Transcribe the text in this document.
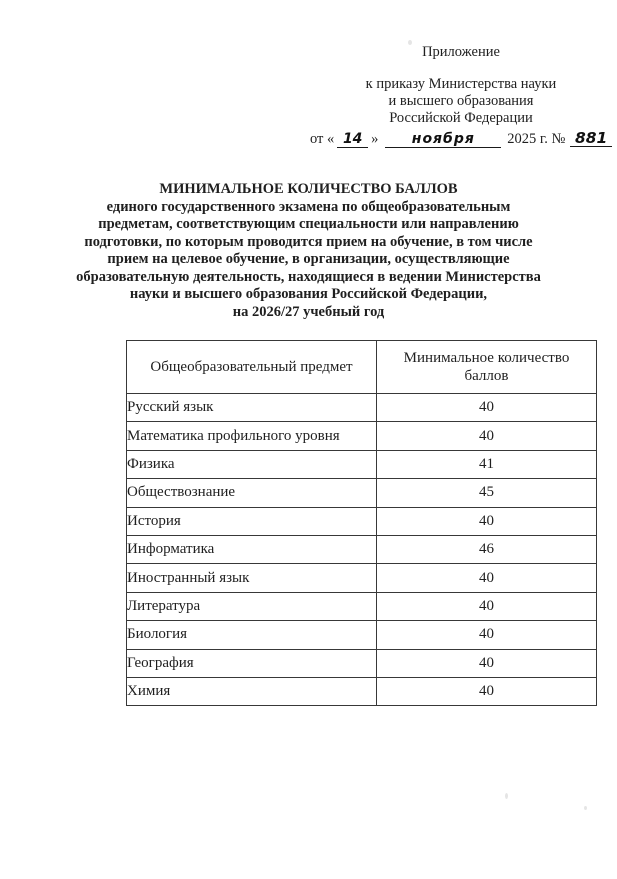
Приложение
к приказу Министерства науки
и высшего образования
Российской Федерации
от « 14 »	ноября	2025 г. № 881
МИНИМАЛЬНОЕ КОЛИЧЕСТВО БАЛЛОВ
единого государственного экзамена по общеобразовательным
предметам, соответствующим специальности или направлению
подготовки, по которым проводится прием на обучение, в том числе
прием на целевое обучение, в организации, осуществляющие
образовательную деятельность, находящиеся в ведении Министерства
науки и высшего образования Российской Федерации,
на 2026/27 учебный год
Общеобразовательный предмет	Минимальное количество баллов
Русский язык	40
Математика профильного уровня	40
Физика	41
Обществознание	45
История	40
Информатика	46
Иностранный язык	40
Литература	40
Биология	40
География	40
Химия	40
